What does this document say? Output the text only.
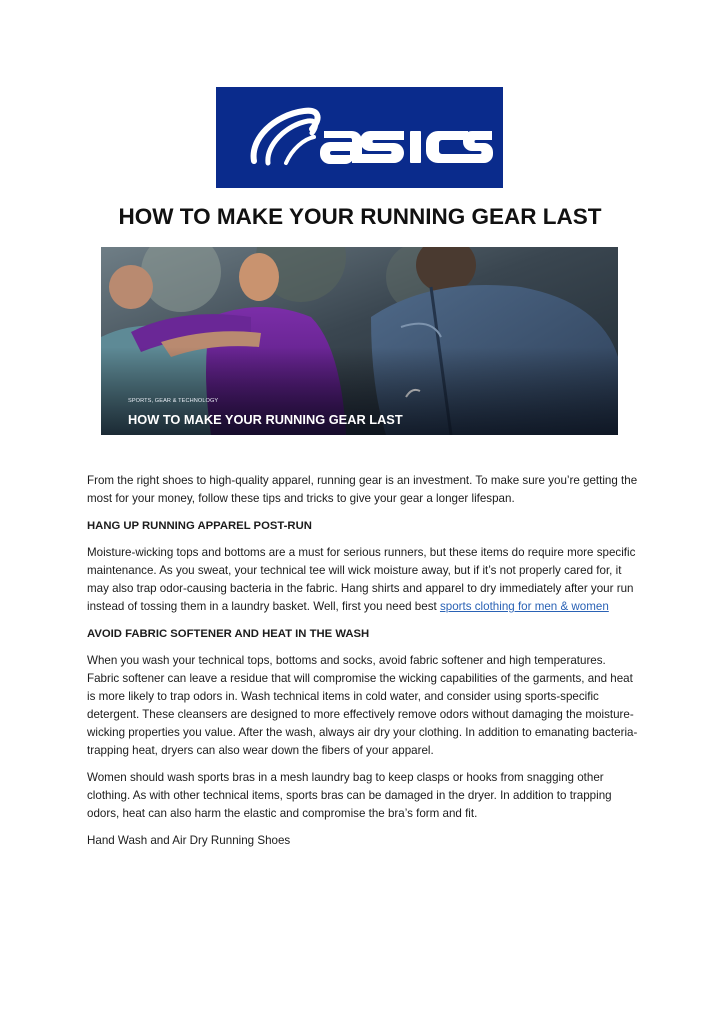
HOW TO MAKE YOUR RUNNING GEAR LAST
SPORTS, GEAR & TECHNOLOGY
HOW TO MAKE YOUR RUNNING GEAR LAST

From the right shoes to high-quality apparel, running gear is an investment. To make sure you’re getting the most for your money, follow these tips and tricks to give your gear a longer lifespan.

HANG UP RUNNING APPAREL POST-RUN

Moisture-wicking tops and bottoms are a must for serious runners, but these items do require more specific maintenance. As you sweat, your technical tee will wick moisture away, but if it’s not properly cared for, it may also trap odor-causing bacteria in the fabric. Hang shirts and apparel to dry immediately after your run instead of tossing them in a laundry basket. Well, first you need best sports clothing for men & women

AVOID FABRIC SOFTENER AND HEAT IN THE WASH

When you wash your technical tops, bottoms and socks, avoid fabric softener and high temperatures. Fabric softener can leave a residue that will compromise the wicking capabilities of the garments, and heat is more likely to trap odors in. Wash technical items in cold water, and consider using sports-specific detergent. These cleansers are designed to more effectively remove odors without damaging the moisture-wicking properties you value. After the wash, always air dry your clothing. In addition to emanating bacteria-trapping heat, dryers can also wear down the fibers of your apparel.

Women should wash sports bras in a mesh laundry bag to keep clasps or hooks from snagging other clothing. As with other technical items, sports bras can be damaged in the dryer. In addition to trapping odors, heat can also harm the elastic and compromise the bra’s form and fit.

Hand Wash and Air Dry Running Shoes
